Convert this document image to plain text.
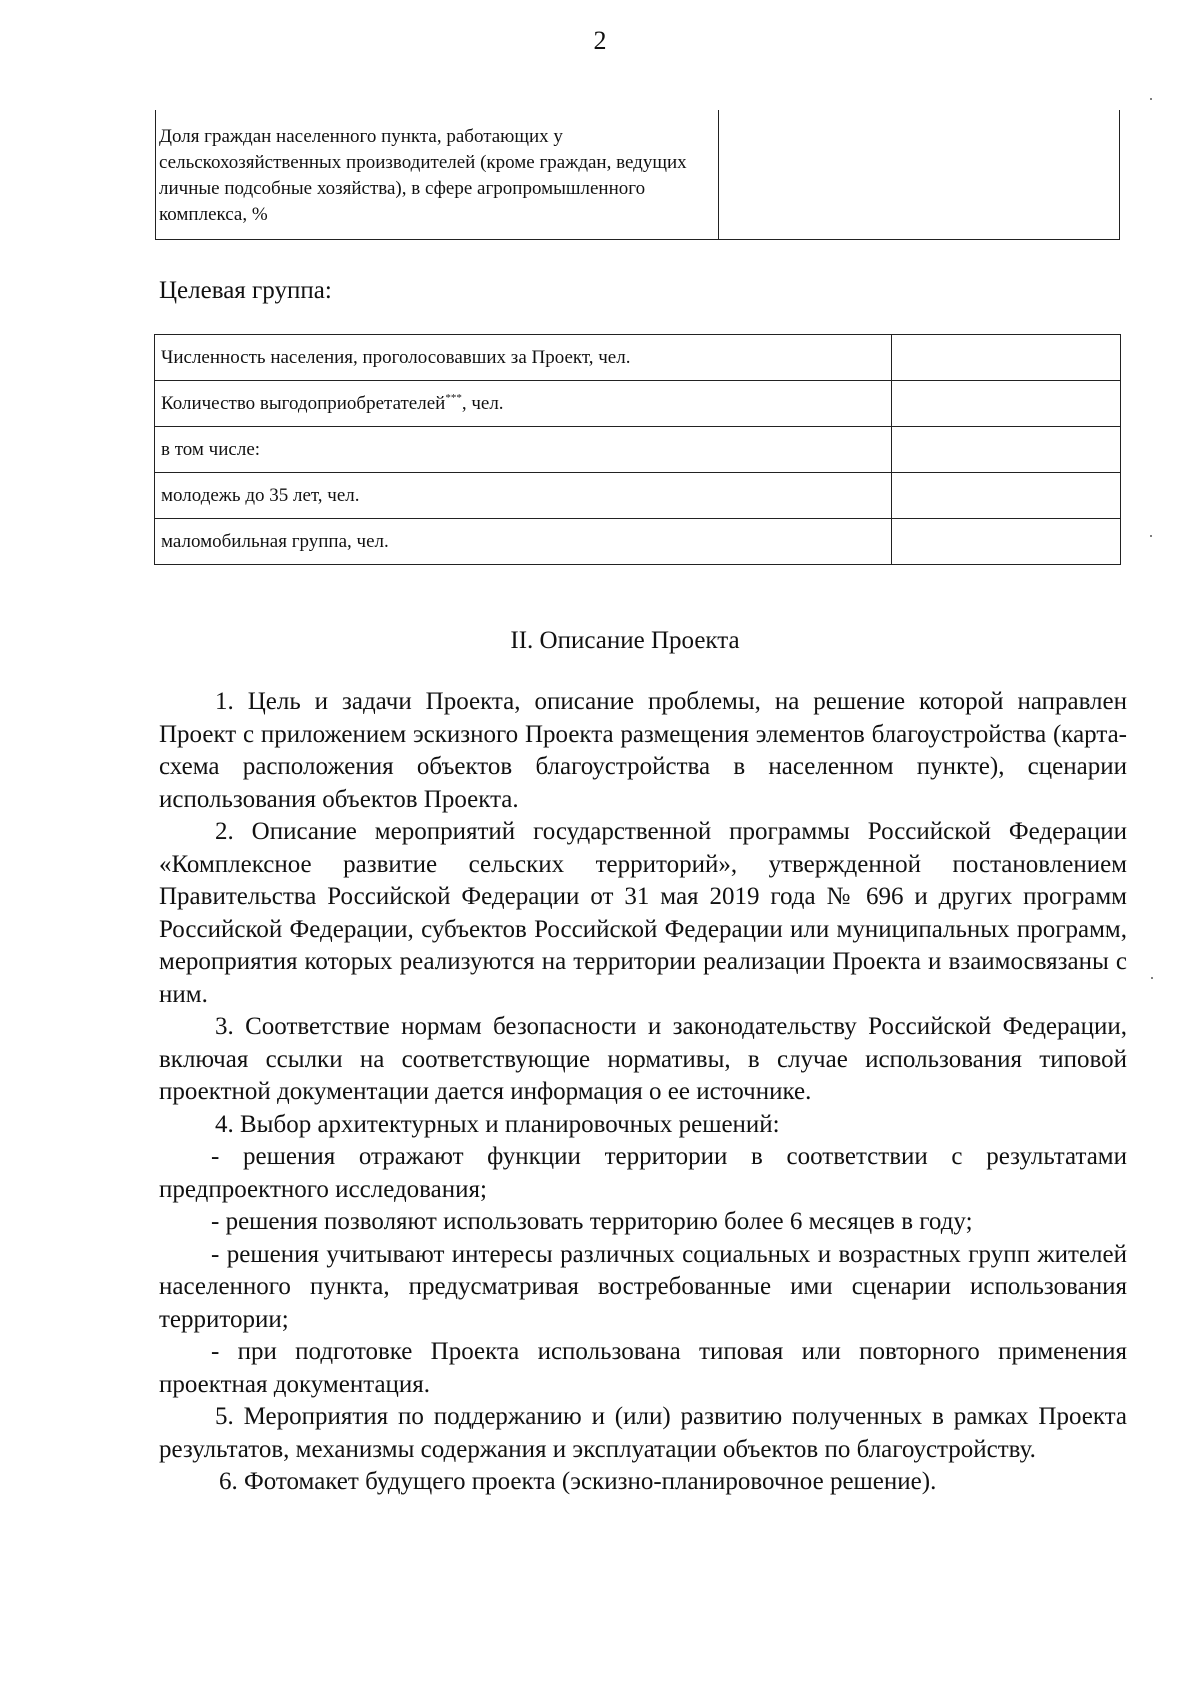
2
Доля граждан населенного пункта, работающих у сельскохозяйственных производителей (кроме граждан, ведущих личные подсобные хозяйства), в сфере агропромышленного комплекса, %	
Целевая группа:
Численность населения, проголосовавших за Проект, чел.	
Количество выгодоприобретателей***, чел.	
в том числе:	
молодежь до 35 лет, чел.	
маломобильная группа, чел.	
II. Описание Проекта

1. Цель и задачи Проекта, описание проблемы, на решение которой направлен Проект с приложением эскизного Проекта размещения элементов благоустройства (карта-схема расположения объектов благоустройства в населенном пункте), сценарии использования объектов Проекта.

2. Описание мероприятий государственной программы Российской Федерации «Комплексное развитие сельских территорий», утвержденной постановлением Правительства Российской Федерации от 31 мая 2019 года № 696 и других программ Российской Федерации, субъектов Российской Федерации или муниципальных программ, мероприятия которых реализуются на территории реализации Проекта и взаимосвязаны с ним.

3. Соответствие нормам безопасности и законодательству Российской Федерации, включая ссылки на соответствующие нормативы, в случае использования типовой проектной документации дается информация о ее источнике.

4. Выбор архитектурных и планировочных решений:

- решения отражают функции территории в соответствии с результатами предпроектного исследования;

- решения позволяют использовать территорию более 6 месяцев в году;

- решения учитывают интересы различных социальных и возрастных групп жителей населенного пункта, предусматривая востребованные ими сценарии использования территории;

- при подготовке Проекта использована типовая или повторного применения проектная документация.

5. Мероприятия по поддержанию и (или) развитию полученных в рамках Проекта результатов, механизмы содержания и эксплуатации объектов по благоустройству.

6. Фотомакет будущего проекта (эскизно-планировочное решение).
